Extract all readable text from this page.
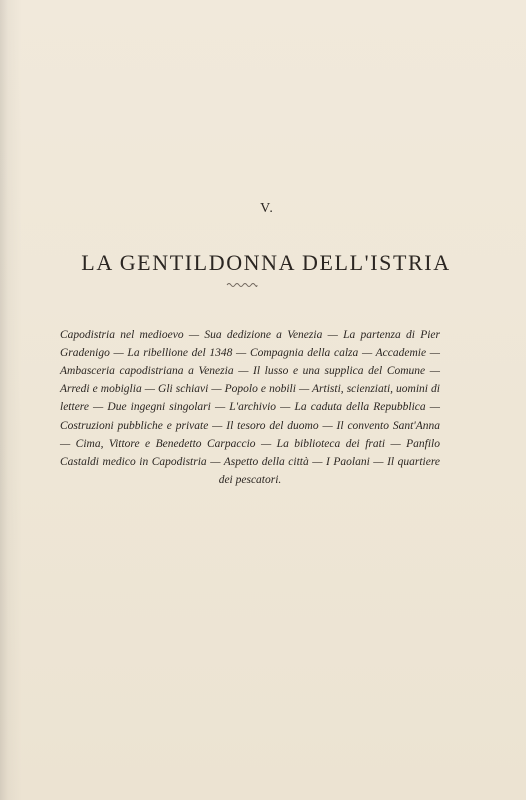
V.
LA GENTILDONNA DELL'ISTRIA

Capodistria nel medioevo — Sua dedizione a Venezia — La partenza di Pier Gradenigo — La ribellione del 1348 — Compagnia della calza — Accademie — Ambasceria capodistriana a Venezia — Il lusso e una supplica del Comune — Arredi e mobiglia — Gli schiavi — Popolo e nobili — Artisti, scienziati, uomini di lettere — Due ingegni singolari — L'archivio — La caduta della Repubblica — Costruzioni pubbliche e private — Il tesoro del duomo — Il convento Sant'Anna — Cima, Vittore e Benedetto Carpaccio — La biblioteca dei frati — Panfilo Castaldi medico in Capodistria — Aspetto della città — I Paolani — Il quartiere dei pescatori.
